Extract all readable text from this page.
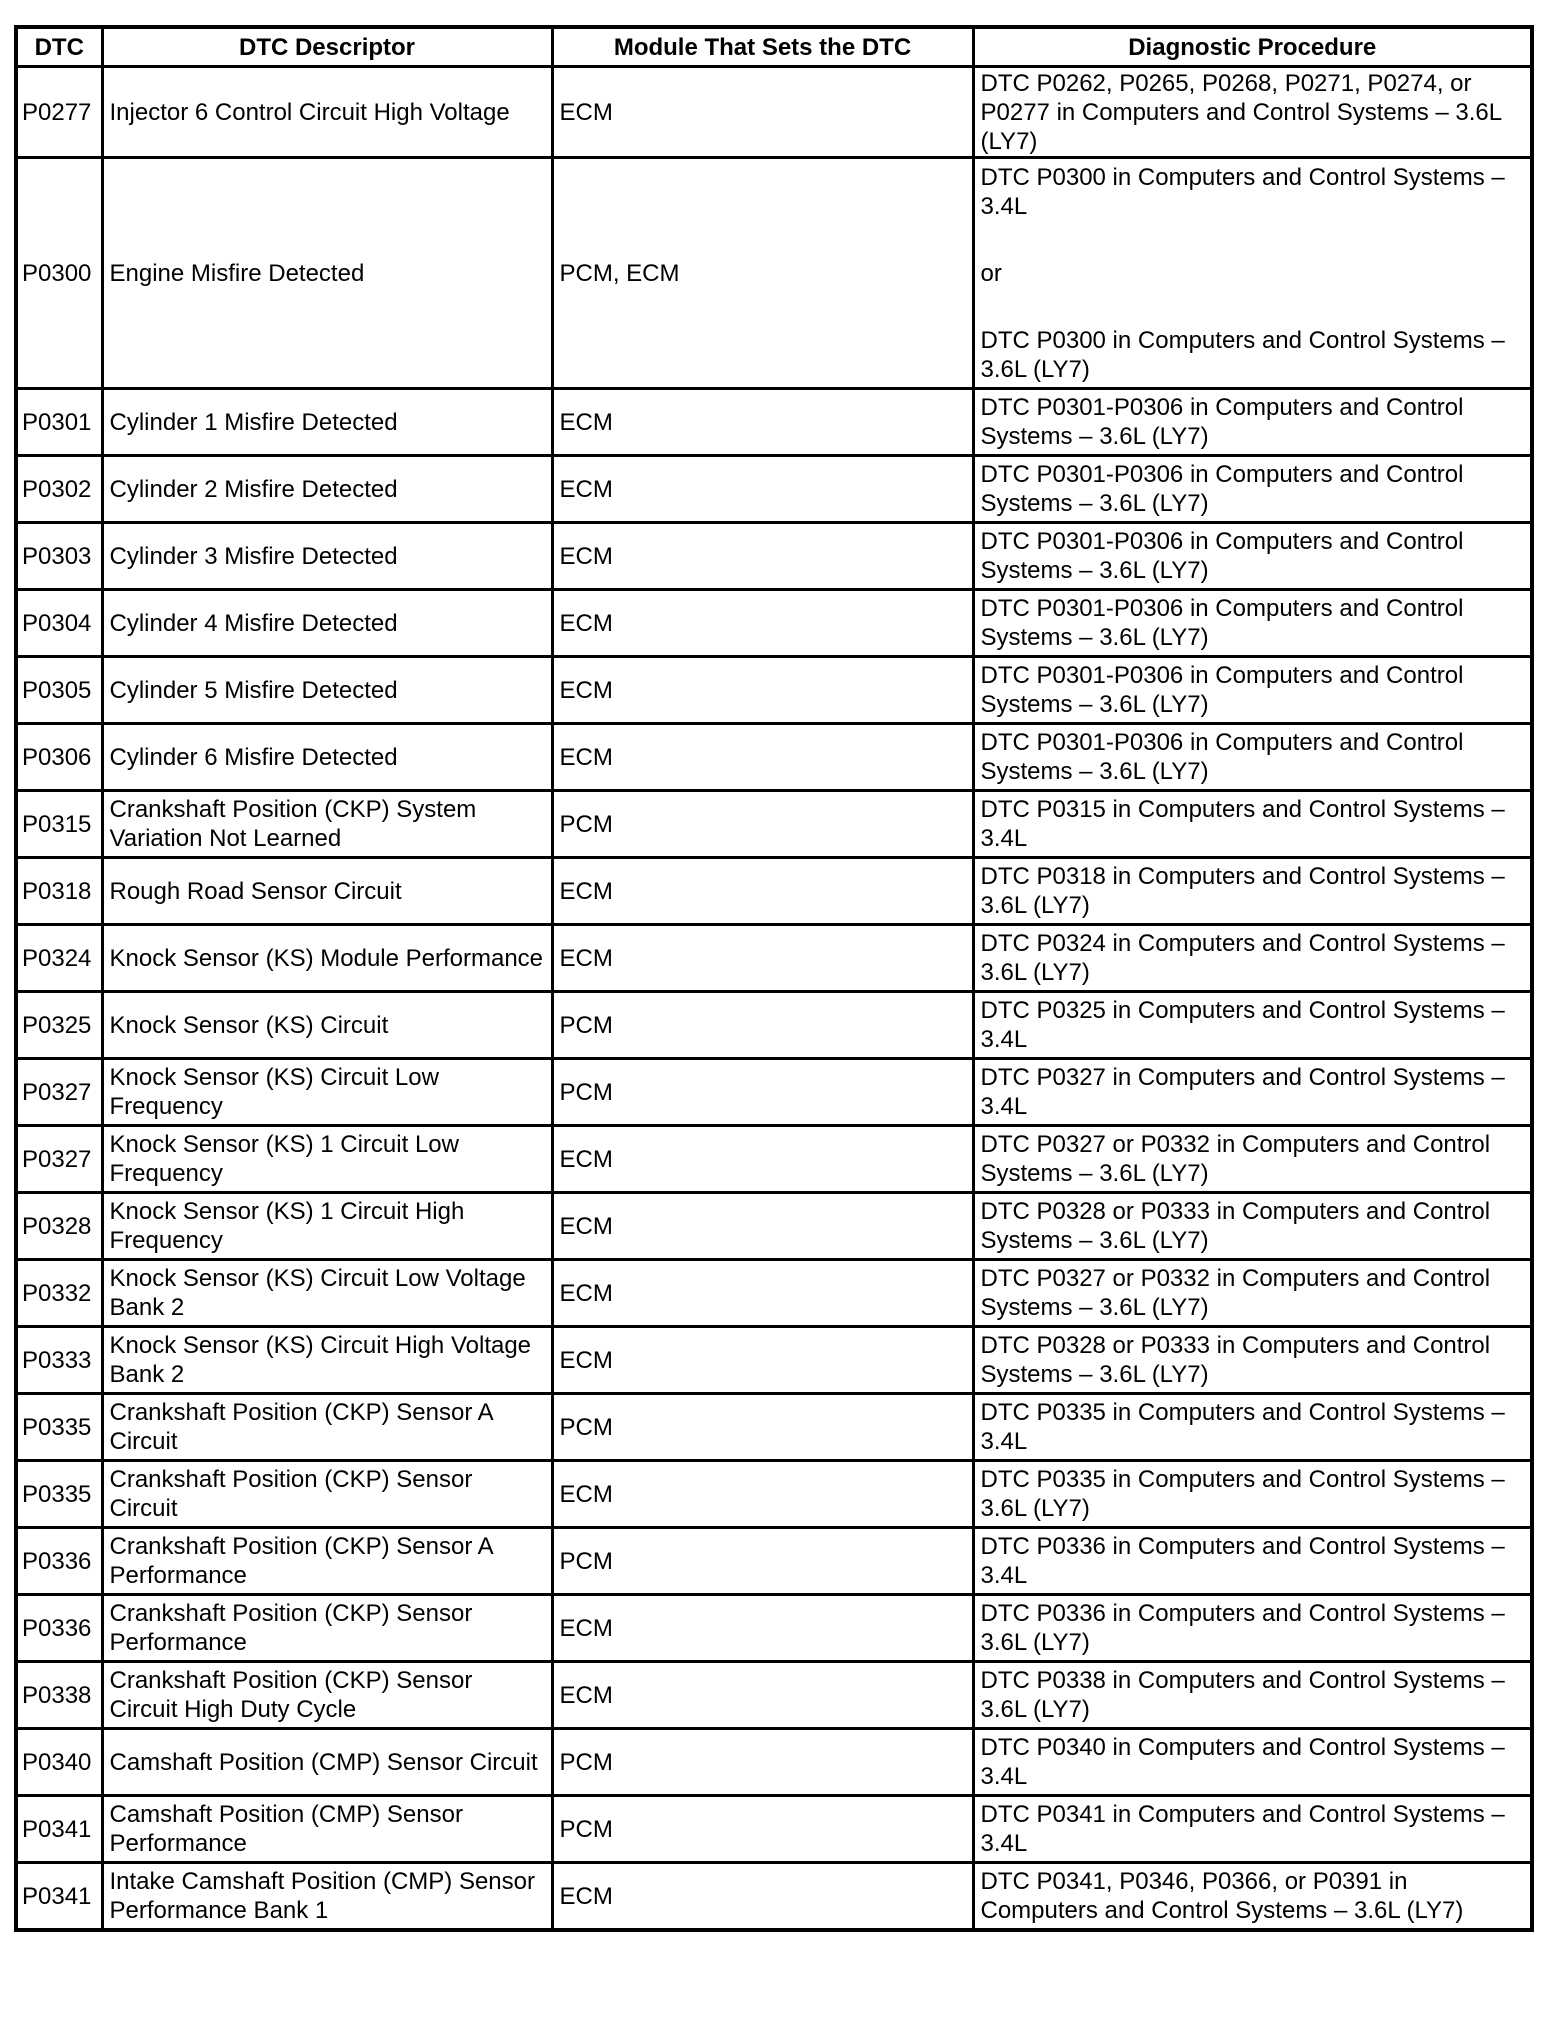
DTC	DTC Descriptor	Module That Sets the DTC	Diagnostic Procedure
P0277	Injector 6 Control Circuit High Voltage	ECM	DTC P0262, P0265, P0268, P0271, P0274, or P0277 in Computers and Control Systems – 3.6L (LY7)

P0300	Engine Misfire Detected	PCM, ECM	DTC P0300 in Computers and Control Systems – 3.4L
or
DTC P0300 in Computers and Control Systems – 3.6L (LY7)

P0301	Cylinder 1 Misfire Detected	ECM	DTC P0301-P0306 in Computers and Control Systems – 3.6L (LY7)

P0302	Cylinder 2 Misfire Detected	ECM	DTC P0301-P0306 in Computers and Control Systems – 3.6L (LY7)

P0303	Cylinder 3 Misfire Detected	ECM	DTC P0301-P0306 in Computers and Control Systems – 3.6L (LY7)

P0304	Cylinder 4 Misfire Detected	ECM	DTC P0301-P0306 in Computers and Control Systems – 3.6L (LY7)

P0305	Cylinder 5 Misfire Detected	ECM	DTC P0301-P0306 in Computers and Control Systems – 3.6L (LY7)

P0306	Cylinder 6 Misfire Detected	ECM	DTC P0301-P0306 in Computers and Control Systems – 3.6L (LY7)

P0315	Crankshaft Position (CKP) System Variation Not Learned	PCM	DTC P0315 in Computers and Control Systems – 3.4L

P0318	Rough Road Sensor Circuit	ECM	DTC P0318 in Computers and Control Systems – 3.6L (LY7)

P0324	Knock Sensor (KS) Module Performance	ECM	DTC P0324 in Computers and Control Systems – 3.6L (LY7)

P0325	Knock Sensor (KS) Circuit	PCM	DTC P0325 in Computers and Control Systems – 3.4L

P0327	Knock Sensor (KS) Circuit Low Frequency	PCM	DTC P0327 in Computers and Control Systems – 3.4L

P0327	Knock Sensor (KS) 1 Circuit Low Frequency	ECM	DTC P0327 or P0332 in Computers and Control Systems – 3.6L (LY7)

P0328	Knock Sensor (KS) 1 Circuit High Frequency	ECM	DTC P0328 or P0333 in Computers and Control Systems – 3.6L (LY7)

P0332	Knock Sensor (KS) Circuit Low Voltage Bank 2	ECM	DTC P0327 or P0332 in Computers and Control Systems – 3.6L (LY7)

P0333	Knock Sensor (KS) Circuit High Voltage Bank 2	ECM	DTC P0328 or P0333 in Computers and Control Systems – 3.6L (LY7)

P0335	Crankshaft Position (CKP) Sensor A Circuit	PCM	DTC P0335 in Computers and Control Systems – 3.4L

P0335	Crankshaft Position (CKP) Sensor Circuit	ECM	DTC P0335 in Computers and Control Systems – 3.6L (LY7)

P0336	Crankshaft Position (CKP) Sensor A Performance	PCM	DTC P0336 in Computers and Control Systems – 3.4L

P0336	Crankshaft Position (CKP) Sensor Performance	ECM	DTC P0336 in Computers and Control Systems – 3.6L (LY7)

P0338	Crankshaft Position (CKP) Sensor Circuit High Duty Cycle	ECM	DTC P0338 in Computers and Control Systems – 3.6L (LY7)

P0340	Camshaft Position (CMP) Sensor Circuit	PCM	DTC P0340 in Computers and Control Systems – 3.4L

P0341	Camshaft Position (CMP) Sensor Performance	PCM	DTC P0341 in Computers and Control Systems – 3.4L

P0341	Intake Camshaft Position (CMP) Sensor Performance Bank 1	ECM	DTC P0341, P0346, P0366, or P0391 in Computers and Control Systems – 3.6L (LY7)
